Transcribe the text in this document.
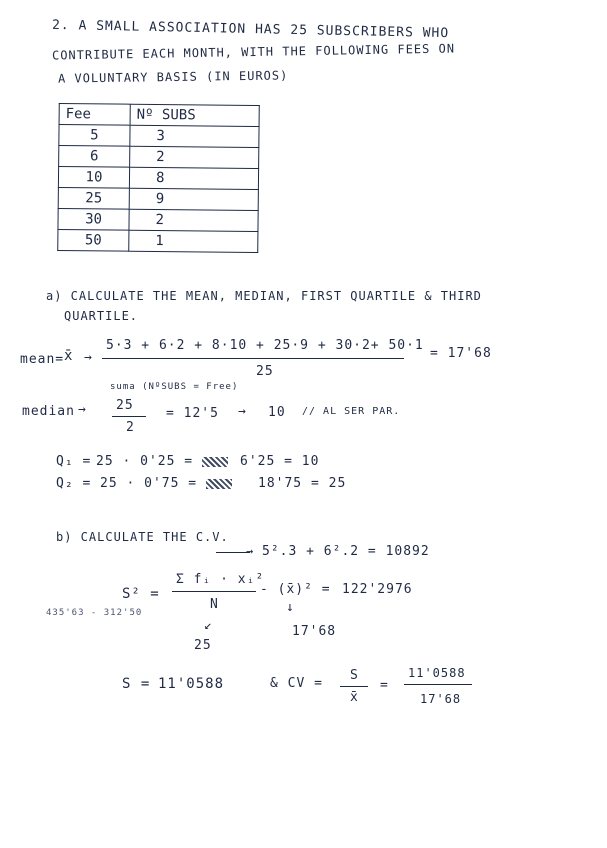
2. A SMALL ASSOCIATION HAS 25 SUBSCRIBERS WHO
CONTRIBUTE EACH MONTH, WITH THE FOLLOWING FEES ON
A VOLUNTARY BASIS (IN EUROS)
Fee	Nº SUBS
5	3
6	2
10	8
25	9
30	2
50	1
a) CALCULATE THE MEAN, MEDIAN, FIRST QUARTILE & THIRD
QUARTILE.
mean= x̄ →
5·3 + 6·2 + 8·10 + 25·9 + 30·2+ 50·1
25
= 17'68
suma (NºSUBS = Free)
median → 25
2
= 12'5 → 10 // AL SER PAR.
Q₁ = 25 · 0'25 =	6'25 = 10
Q₂ = 25 · 0'75 =	18'75 = 25
b) CALCULATE THE C.V.
→ 5².3 + 6².2 = 10892
S² =
Σ fᵢ · xᵢ²
N
- (x̄)² = 122'2976
435'63 - 312'50	↓
17'68
↙
25
S = 11'0588	& CV =
S
x̄
=
11'0588
17'68
